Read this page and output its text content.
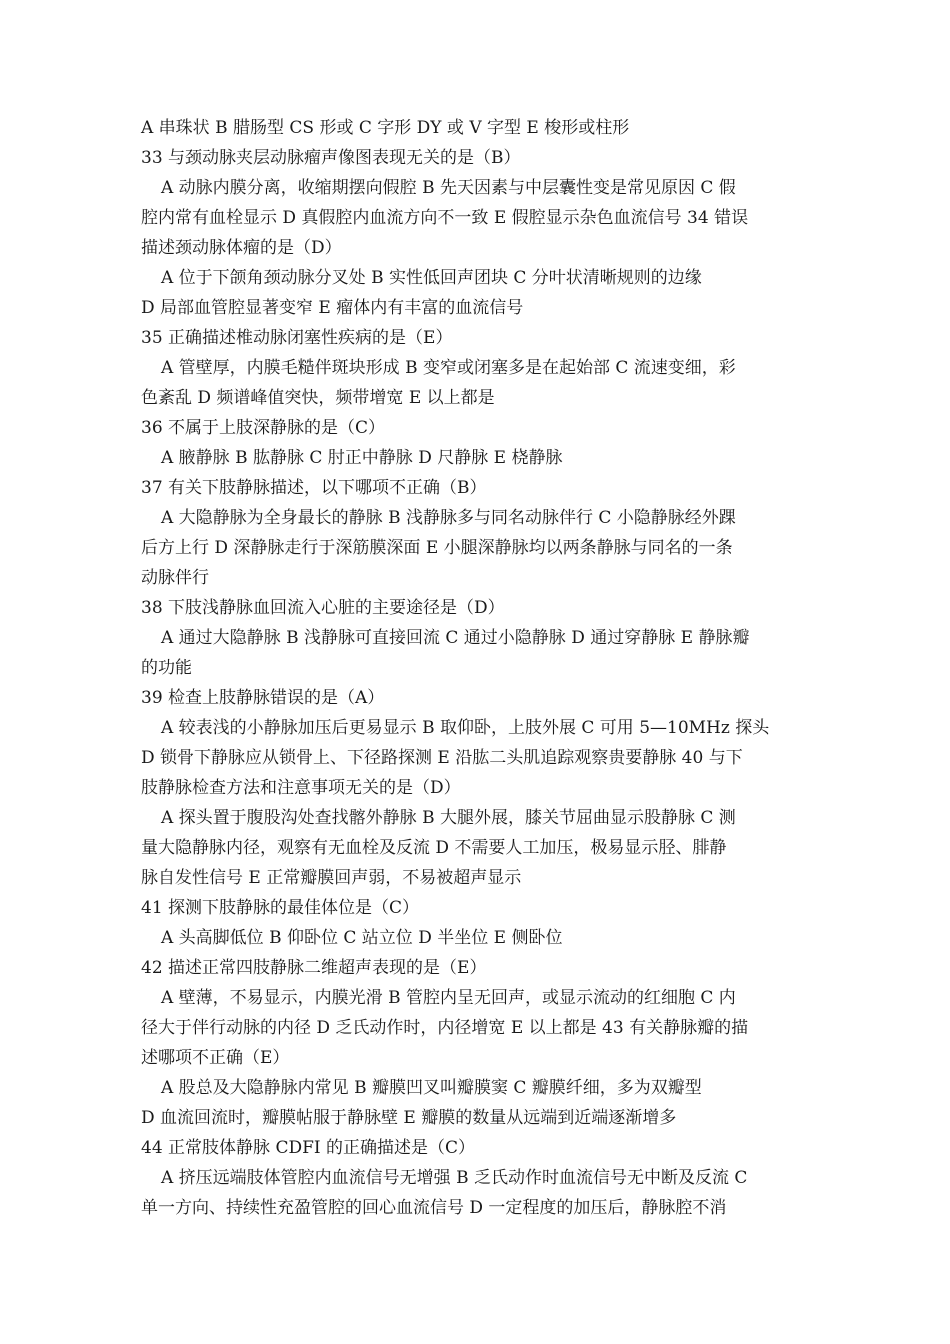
A 串珠状 B 腊肠型 CS 形或 C 字形 DY 或 V 字型 E 梭形或柱形
33 与颈动脉夹层动脉瘤声像图表现无关的是（B）
A 动脉内膜分离，收缩期摆向假腔 B 先天因素与中层囊性变是常见原因 C 假
腔内常有血栓显示 D 真假腔内血流方向不一致 E 假腔显示杂色血流信号 34 错误
描述颈动脉体瘤的是（D）
A 位于下颌角颈动脉分叉处 B 实性低回声团块 C 分叶状清晰规则的边缘
D 局部血管腔显著变窄 E 瘤体内有丰富的血流信号
35 正确描述椎动脉闭塞性疾病的是（E）
A 管壁厚，内膜毛糙伴斑块形成 B 变窄或闭塞多是在起始部 C 流速变细，彩
色紊乱 D 频谱峰值突快，频带增宽 E 以上都是
36 不属于上肢深静脉的是（C）
A 腋静脉 B 肱静脉 C 肘正中静脉 D 尺静脉 E 桡静脉
37 有关下肢静脉描述，以下哪项不正确（B）
A 大隐静脉为全身最长的静脉 B 浅静脉多与同名动脉伴行 C 小隐静脉经外踝
后方上行 D 深静脉走行于深筋膜深面 E 小腿深静脉均以两条静脉与同名的一条
动脉伴行
38 下肢浅静脉血回流入心脏的主要途径是（D）
A 通过大隐静脉 B 浅静脉可直接回流 C 通过小隐静脉 D 通过穿静脉 E 静脉瓣
的功能
39 检查上肢静脉错误的是（A）
A 较表浅的小静脉加压后更易显示 B 取仰卧，上肢外展 C 可用 5—10MHz 探头
D 锁骨下静脉应从锁骨上、下径路探测 E 沿肱二头肌追踪观察贵要静脉 40 与下
肢静脉检查方法和注意事项无关的是（D）
A 探头置于腹股沟处查找髂外静脉 B 大腿外展，膝关节屈曲显示股静脉 C 测
量大隐静脉内径，观察有无血栓及反流 D 不需要人工加压，极易显示胫、腓静
脉自发性信号 E 正常瓣膜回声弱，不易被超声显示
41 探测下肢静脉的最佳体位是（C）
A 头高脚低位 B 仰卧位 C 站立位 D 半坐位 E 侧卧位
42 描述正常四肢静脉二维超声表现的是（E）
A 壁薄，不易显示，内膜光滑 B 管腔内呈无回声，或显示流动的红细胞 C 内
径大于伴行动脉的内径 D 乏氏动作时，内径增宽 E 以上都是 43 有关静脉瓣的描
述哪项不正确（E）
A 股总及大隐静脉内常见 B 瓣膜凹叉叫瓣膜窦 C 瓣膜纤细，多为双瓣型
D 血流回流时，瓣膜帖服于静脉壁 E 瓣膜的数量从远端到近端逐渐增多
44 正常肢体静脉 CDFI 的正确描述是（C）
A 挤压远端肢体管腔内血流信号无增强 B 乏氏动作时血流信号无中断及反流 C
单一方向、持续性充盈管腔的回心血流信号 D 一定程度的加压后，静脉腔不消
